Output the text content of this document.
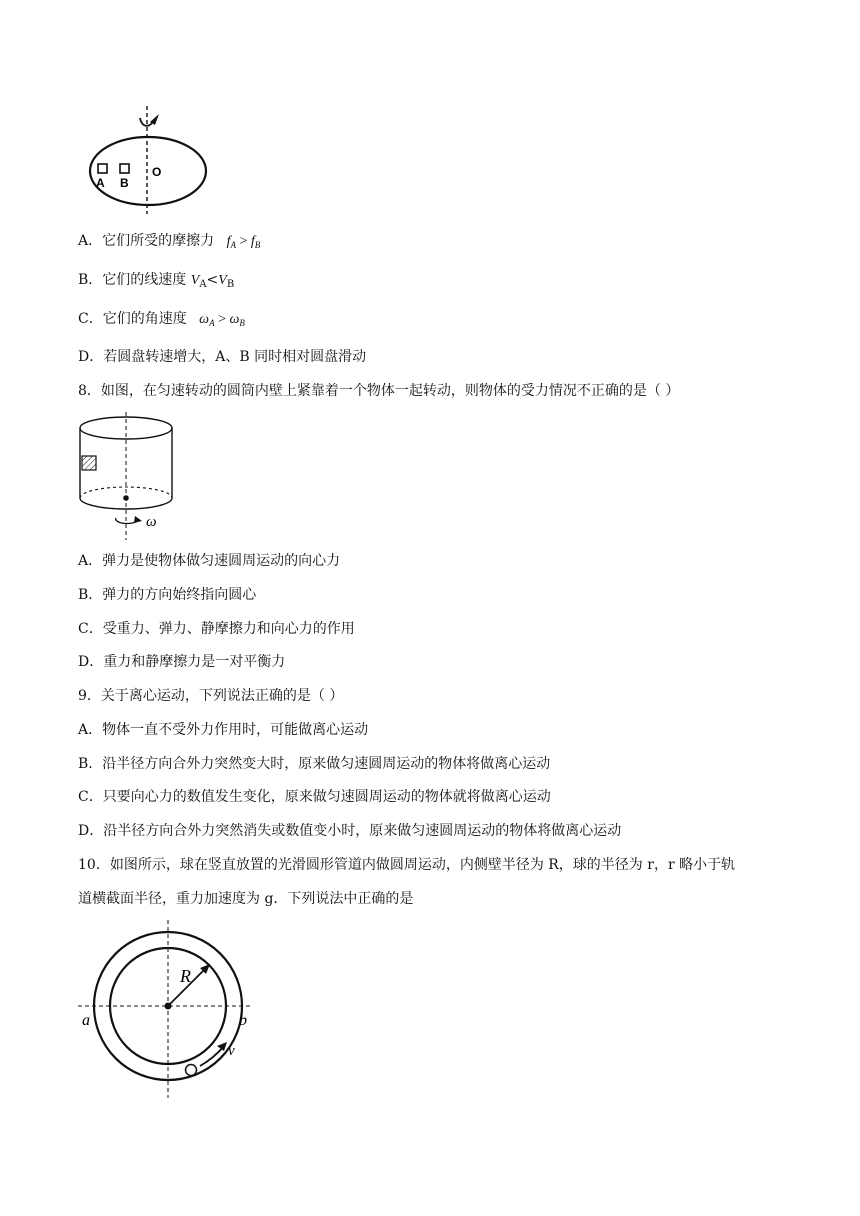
A B
O
A．它们所受的摩擦力 $f_A > f_B$
B．它们的线速度 $V_A<V_B$
C．它们的角速度 $\omega_A > \omega_B$
D．若圆盘转速增大，A、B 同时相对圆盘滑动
8．如图，在匀速转动的圆筒内壁上紧靠着一个物体一起转动，则物体的受力情况不正确的是（ ）
ω
A．弹力是使物体做匀速圆周运动的向心力
B．弹力的方向始终指向圆心
C．受重力、弹力、静摩擦力和向心力的作用
D．重力和静摩擦力是一对平衡力
9．关于离心运动，下列说法正确的是（ ）
A．物体一直不受外力作用时，可能做离心运动
B．沿半径方向合外力突然变大时，原来做匀速圆周运动的物体将做离心运动
C．只要向心力的数值发生变化，原来做匀速圆周运动的物体就将做离心运动
D．沿半径方向合外力突然消失或数值变小时，原来做匀速圆周运动的物体将做离心运动
10．如图所示，球在竖直放置的光滑圆形管道内做圆周运动，内侧壁半径为 R，球的半径为 r，r 略小于轨
道横截面半径，重力加速度为 g．下列说法中正确的是
R
a	b
v
